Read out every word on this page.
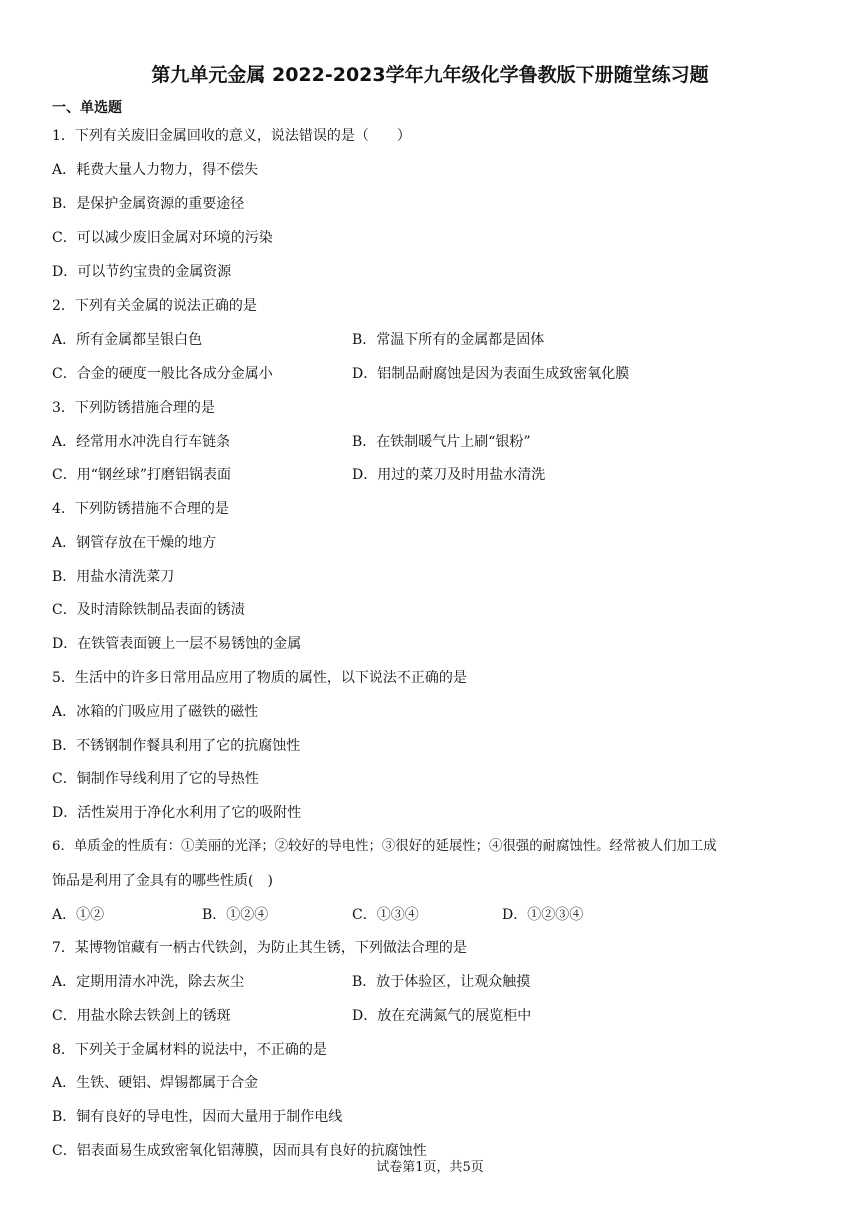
第九单元金属 2022-2023学年九年级化学鲁教版下册随堂练习题
一、单选题
1．下列有关废旧金属回收的意义，说法错误的是（　　）
A．耗费大量人力物力，得不偿失
B．是保护金属资源的重要途径
C．可以减少废旧金属对环境的污染
D．可以节约宝贵的金属资源
2．下列有关金属的说法正确的是
A．所有金属都呈银白色	B．常温下所有的金属都是固体
C．合金的硬度一般比各成分金属小	D．铝制品耐腐蚀是因为表面生成致密氧化膜
3．下列防锈措施合理的是
A．经常用水冲洗自行车链条	B．在铁制暖气片上刷“银粉”
C．用“钢丝球”打磨铝锅表面	D．用过的菜刀及时用盐水清洗
4．下列防锈措施不合理的是
A．钢管存放在干燥的地方
B．用盐水清洗菜刀
C．及时清除铁制品表面的锈渍
D．在铁管表面镀上一层不易锈蚀的金属
5．生活中的许多日常用品应用了物质的属性，以下说法不正确的是
A．冰箱的门吸应用了磁铁的磁性
B．不锈钢制作餐具利用了它的抗腐蚀性
C．铜制作导线利用了它的导热性
D．活性炭用于净化水利用了它的吸附性
6．单质金的性质有：①美丽的光泽；②较好的导电性；③很好的延展性；④很强的耐腐蚀性。经常被人们加工成
饰品是利用了金具有的哪些性质(　)
A．①②	B．①②④	C．①③④	D．①②③④
7．某博物馆藏有一柄古代铁剑，为防止其生锈，下列做法合理的是
A．定期用清水冲洗，除去灰尘	B．放于体验区，让观众触摸
C．用盐水除去铁剑上的锈斑	D．放在充满氮气的展览柜中
8．下列关于金属材料的说法中，不正确的是
A．生铁、硬铝、焊锡都属于合金
B．铜有良好的导电性，因而大量用于制作电线
C．铝表面易生成致密氧化铝薄膜，因而具有良好的抗腐蚀性
试卷第1页，共5页
